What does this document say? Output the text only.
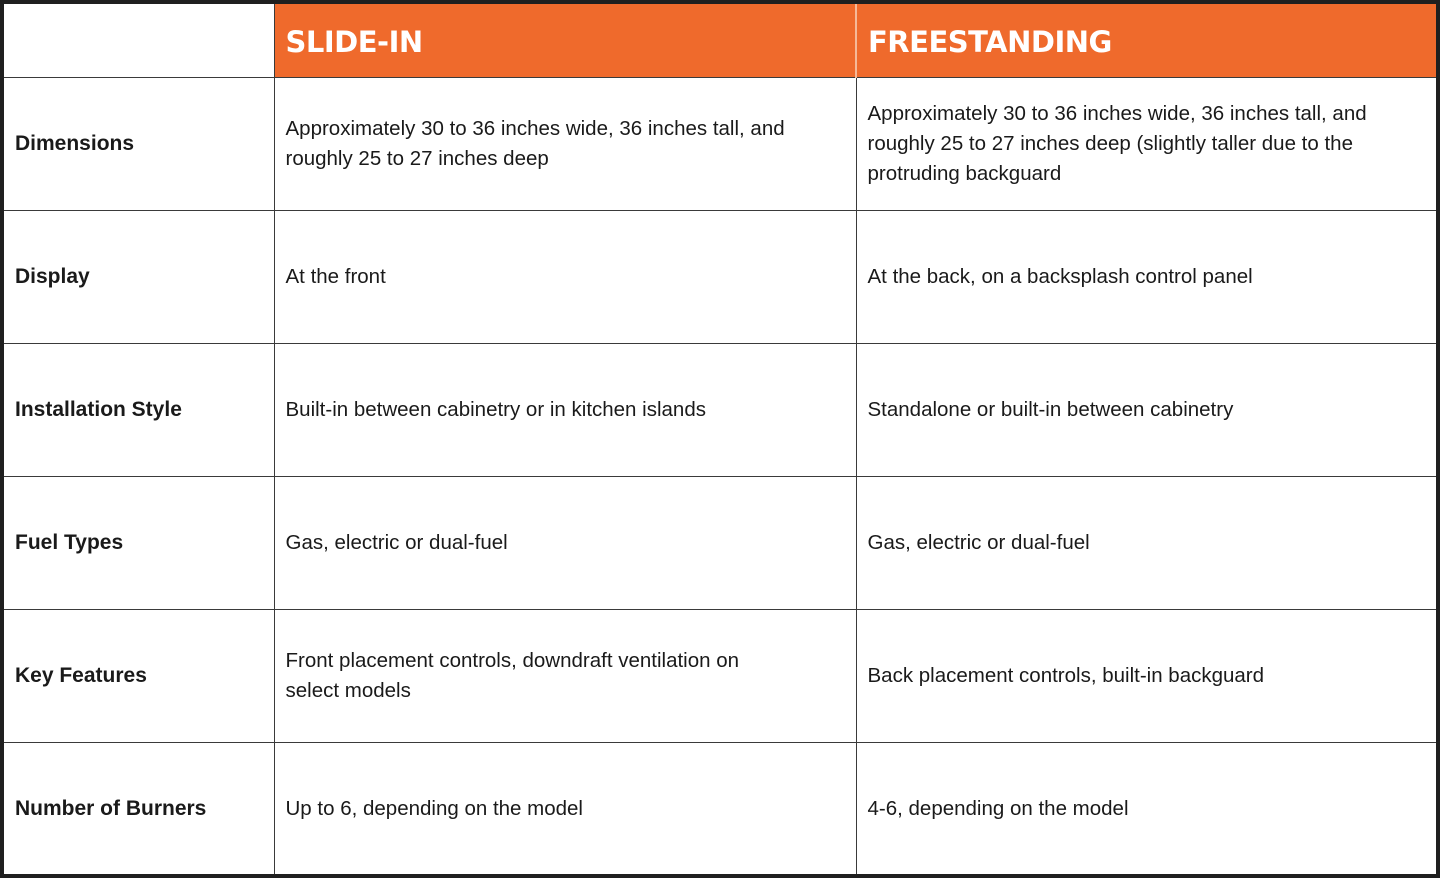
	SLIDE-IN	FREESTANDING
Dimensions	Approximately 30 to 36 inches wide, 36 inches tall, and roughly 25 to 27 inches deep	Approximately 30 to 36 inches wide, 36 inches tall, and roughly 25 to 27 inches deep (slightly taller due to the protruding backguard
Display	At the front	At the back, on a backsplash control panel
Installation Style	Built-in between cabinetry or in kitchen islands	Standalone or built-in between cabinetry
Fuel Types	Gas, electric or dual-fuel	Gas, electric or dual-fuel
Key Features	Front placement controls, downdraft ventilation on select models	Back placement controls, built-in backguard
Number of Burners	Up to 6, depending on the model	4-6, depending on the model
